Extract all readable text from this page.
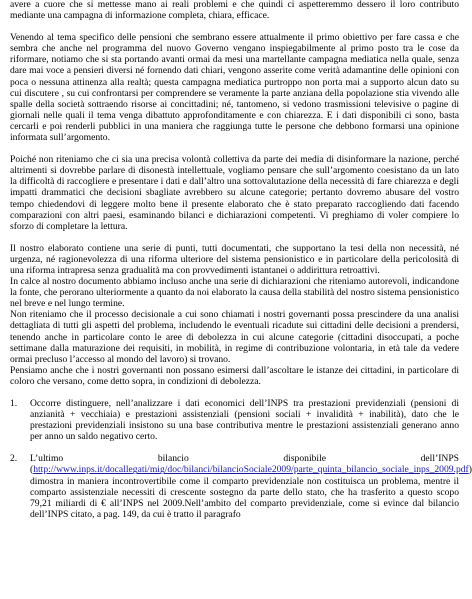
avere a cuore che si mettesse mano ai reali problemi e che quindi ci aspetteremmo dessero il loro contributo mediante una campagna di informazione completa, chiara, efficace.

Venendo al tema specifico delle pensioni che sembrano essere attualmente il primo obiettivo per fare cassa e che sembra che anche nel programma del nuovo Governo vengano inspiegabilmente al primo posto tra le cose da riformare, notiamo che si sta portando avanti ormai da mesi una martellante campagna mediatica nella quale, senza dare mai voce a pensieri diversi né fornendo dati chiari, vengono asserite come verità adamantine delle opinioni con poca o nessuna attinenza alla realtà; questa campagna mediatica purtroppo non porta mai a supporto alcun dato su cui discutere , su cui confrontarsi per comprendere se veramente la parte anziana della popolazione stia vivendo alle spalle della società sottraendo risorse ai concittadini; né, tantomeno, si vedono trasmissioni televisive o pagine di giornali nelle quali il tema venga dibattuto approfonditamente e con chiarezza. E i dati disponibili ci sono, basta cercarli e poi renderli pubblici in una maniera che raggiunga tutte le persone che debbono formarsi una opinione informata sull’argomento.

Poiché non riteniamo che ci sia una precisa volontà collettiva da parte dei media di disinformare la nazione, perché altrimenti si dovrebbe parlare di disonestà intellettuale, vogliamo pensare che sull’argomento coesistano da un lato la difficoltà di raccogliere e presentare i dati e dall’altro una sottovalutazione della necessità di fare chiarezza e degli impatti drammatici che decisioni sbagliate avrebbero su alcune categorie; pertanto dovremo abusare del vostro tempo chiedendovi di leggere molto bene il presente elaborato che è stato preparato raccogliendo dati facendo comparazioni con altri paesi, esaminando bilanci e dichiarazioni competenti. Vi preghiamo di voler compiere lo sforzo di completare la lettura.

Il nostro elaborato contiene una serie di punti, tutti documentati, che supportano la tesi della non necessità, né urgenza, né ragionevolezza di una riforma ulteriore del sistema pensionistico e in particolare della pericolosità di una riforma intrapresa senza gradualità ma con provvedimenti istantanei o addirittura retroattivi.

In calce al nostro documento abbiamo incluso anche una serie di dichiarazioni che riteniamo autorevoli, indicandone la fonte, che perorano ulteriormente a quanto da noi elaborato la causa della stabilità del nostro sistema pensionistico nel breve e nel lungo termine.

Non riteniamo che il processo decisionale a cui sono chiamati i nostri governanti possa prescindere da una analisi dettagliata di tutti gli aspetti del problema, includendo le eventuali ricadute sui cittadini delle decisioni a prendersi, tenendo anche in particolare conto le aree di debolezza in cui alcune categorie (cittadini disoccupati, a poche settimane dalla maturazione dei requisiti, in mobilità, in regime di contribuzione volontaria, in età tale da vedere ormai precluso l’accesso al mondo del lavoro) si trovano.

Pensiamo anche che i nostri governanti non possano esimersi dall’ascoltare le istanze dei cittadini, in particolare di coloro che versano, come detto sopra, in condizioni di debolezza.

1. Occorre distinguere, nell’analizzare i dati economici dell’INPS tra prestazioni previdenziali (pensioni di anzianità + vecchiaia) e prestazioni assistenziali (pensioni sociali + invalidità + inabilità), dato che le prestazioni previdenziali insistono su una base contributiva mentre le prestazioni assistenziali generano anno per anno un saldo negativo certo.
2. L’ultimo bilancio disponibile dell’INPS (http://www.inps.it/docallegati/mig/doc/bilanci/bilancioSociale2009/parte_quinta_bilancio_sociale_inps_2009.pdf) dimostra in maniera incontrovertibile come il comparto previdenziale non costituisca un problema, mentre il comparto assistenziale necessiti di crescente sostegno da parte dello stato, che ha trasferito a questo scopo 79,21 miliardi di € all’INPS nel 2009.Nell’ambito del comparto previdenziale, come si evince dal bilancio dell’INPS citato, a pag. 149, da cui è tratto il paragrafo
